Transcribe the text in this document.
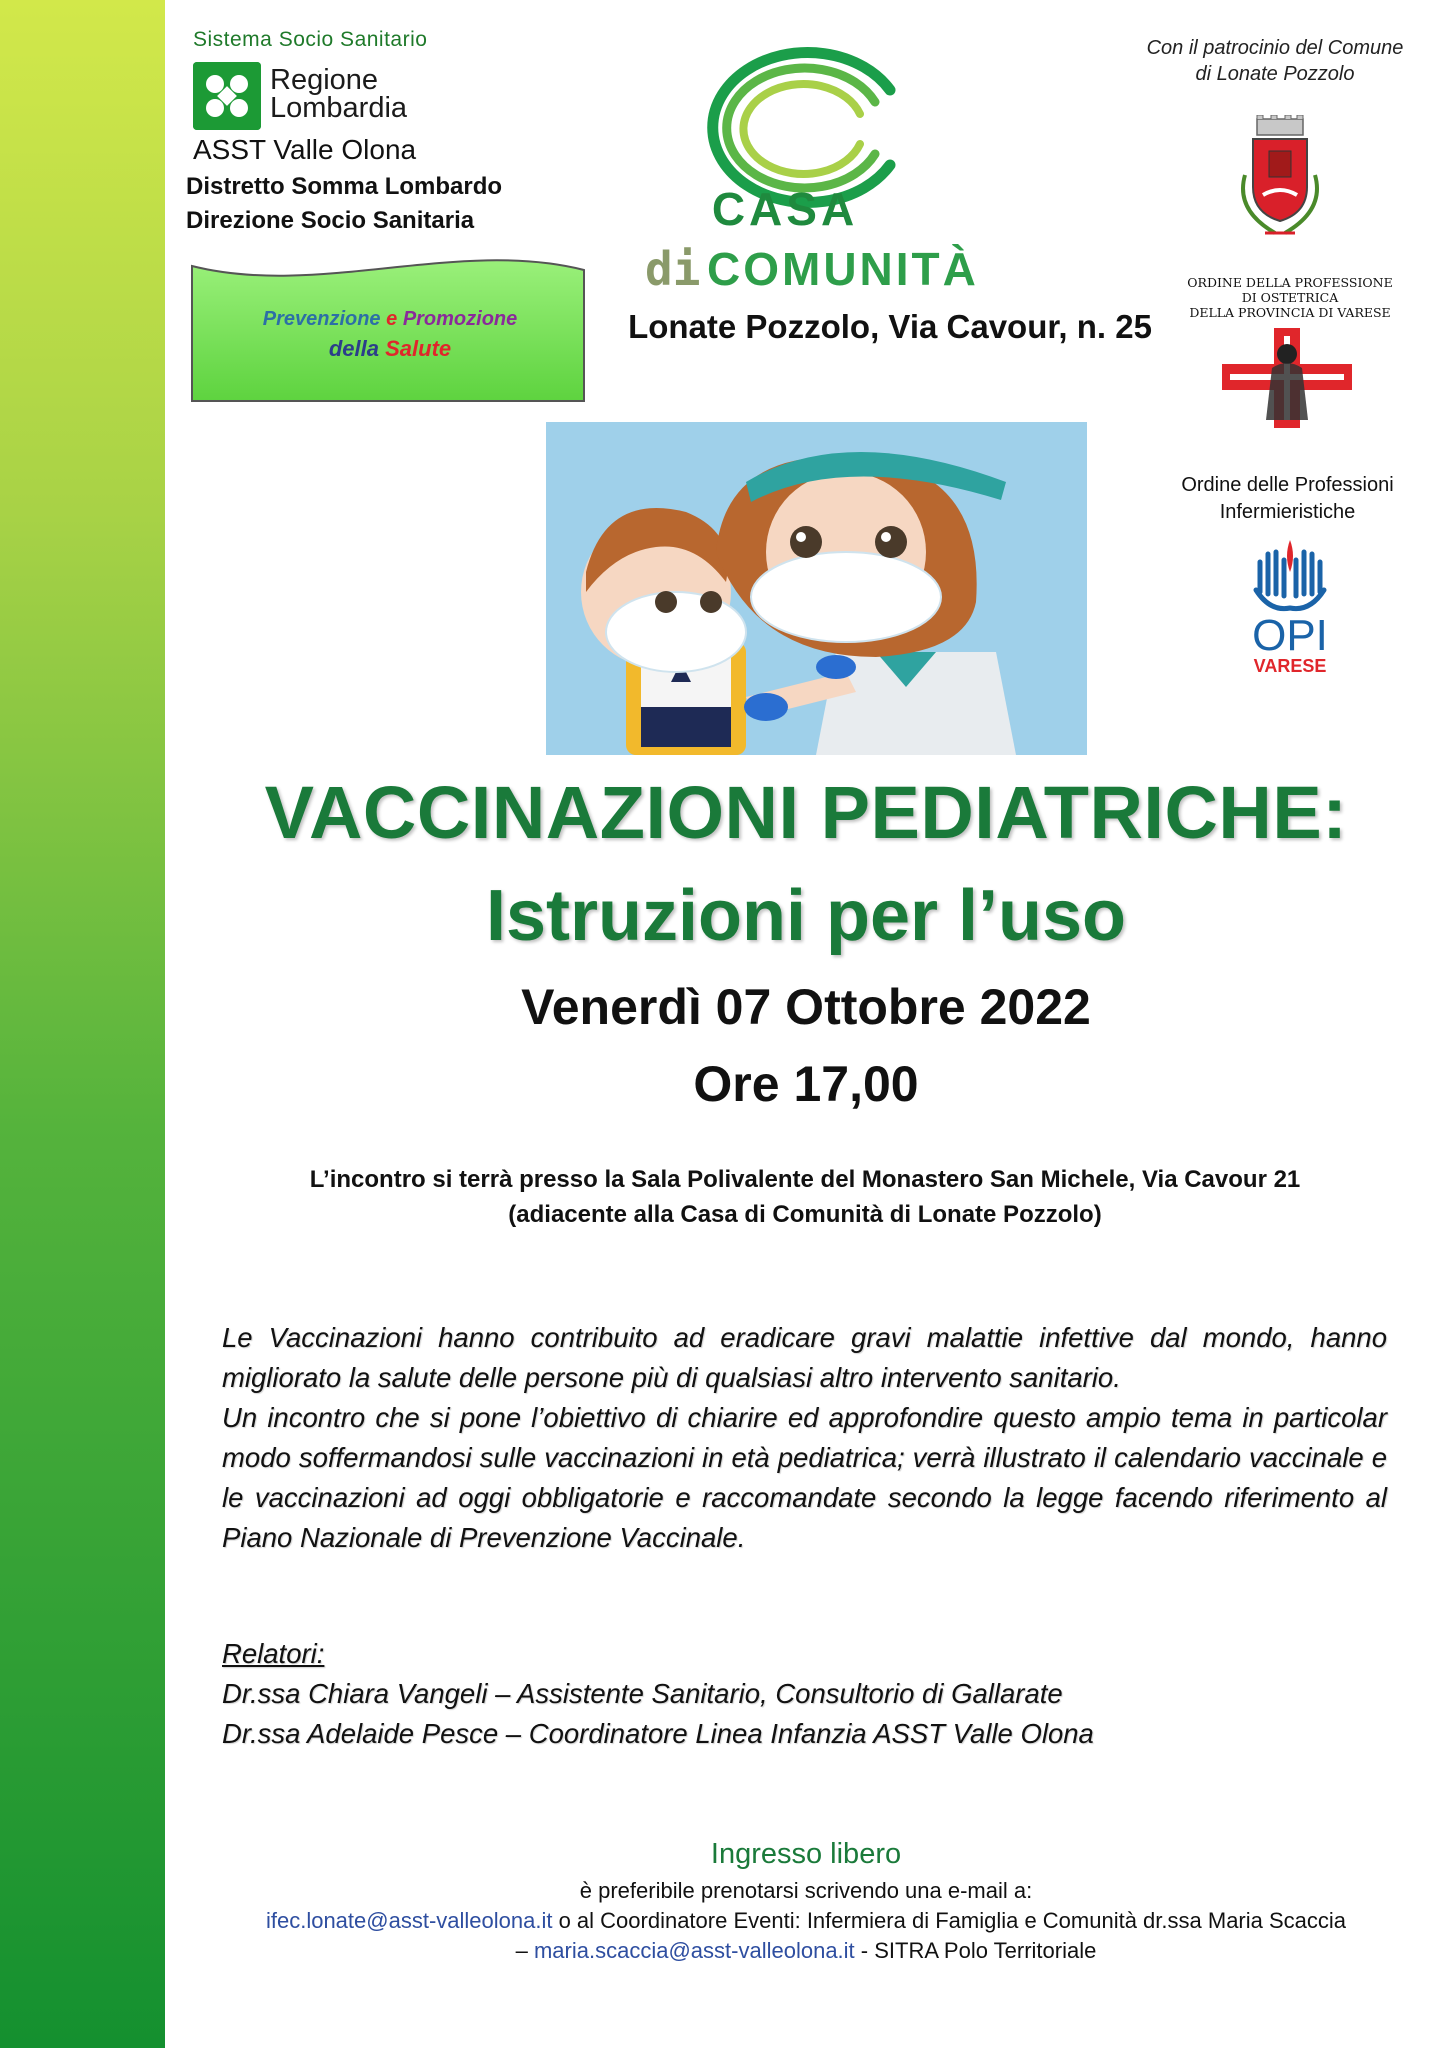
Sistema Socio Sanitario
Regione
Lombardia
ASST Valle Olona
Distretto Somma Lombardo
Direzione Socio Sanitaria
Prevenzione e Promozione
della Salute
CASA
di COMUNITÀ
Lonate Pozzolo, Via Cavour, n. 25
Con il patrocinio del Comune di Lonate Pozzolo
ORDINE DELLA PROFESSIONE
DI OSTETRICA
DELLA PROVINCIA DI VARESE
Ordine delle Professioni Infermieristiche
OPI
VARESE
VACCINAZIONI PEDIATRICHE:
Istruzioni per l’uso
Venerdì 07 Ottobre 2022
Ore 17,00
L’incontro si terrà presso la Sala Polivalente del Monastero San Michele, Via Cavour 21
(adiacente alla Casa di Comunità di Lonate Pozzolo)

Le Vaccinazioni hanno contribuito ad eradicare gravi malattie infettive dal mondo, hanno migliorato la salute delle persone più di qualsiasi altro intervento sanitario.

Un incontro che si pone l’obiettivo di chiarire ed approfondire questo ampio tema in particolar modo soffermandosi sulle vaccinazioni in età pediatrica; verrà illustrato il calendario vaccinale e le vaccinazioni ad oggi obbligatorie e raccomandate secondo la legge facendo riferimento al Piano Nazionale di Prevenzione Vaccinale.

Relatori:
Dr.ssa Chiara Vangeli – Assistente Sanitario, Consultorio di Gallarate
Dr.ssa Adelaide Pesce – Coordinatore Linea Infanzia ASST Valle Olona
Ingresso libero
è preferibile prenotarsi scrivendo una e-mail a:
ifec.lonate@asst-valleolona.it o al Coordinatore Eventi: Infermiera di Famiglia e Comunità dr.ssa Maria Scaccia
– maria.scaccia@asst-valleolona.it - SITRA Polo Territoriale
